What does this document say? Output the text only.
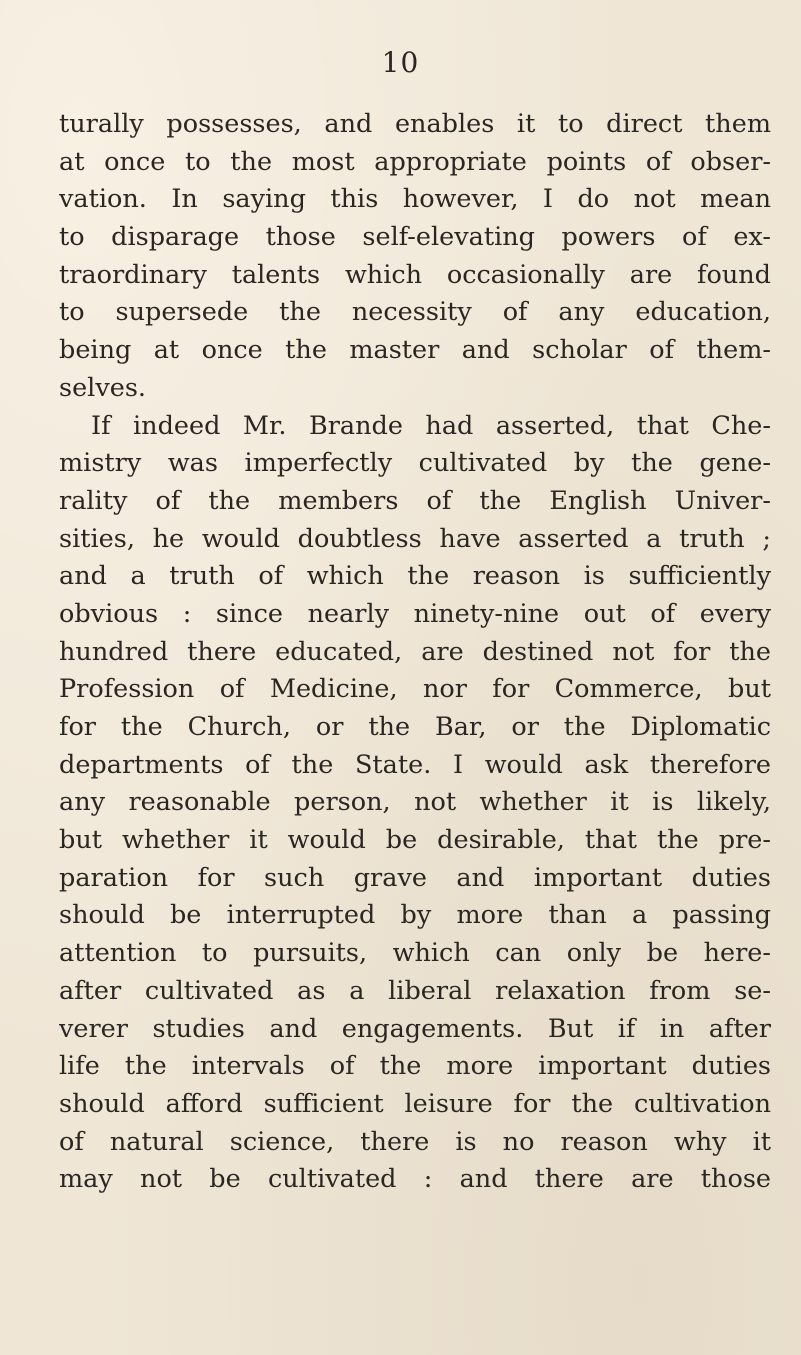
10
turally possesses, and enables it to direct them
at once to the most appropriate points of obser-
vation. In saying this however, I do not mean
to disparage those self-elevating powers of ex-
traordinary talents which occasionally are found
to supersede the necessity of any education,
being at once the master and scholar of them-
selves.
If indeed Mr. Brande had asserted, that Che-
mistry was imperfectly cultivated by the gene-
rality of the members of the English Univer-
sities, he would doubtless have asserted a truth ;
and a truth of which the reason is sufficiently
obvious : since nearly ninety-nine out of every
hundred there educated, are destined not for the
Profession of Medicine, nor for Commerce, but
for the Church, or the Bar, or the Diplomatic
departments of the State. I would ask therefore
any reasonable person, not whether it is likely,
but whether it would be desirable, that the pre-
paration for such grave and important duties
should be interrupted by more than a passing
attention to pursuits, which can only be here-
after cultivated as a liberal relaxation from se-
verer studies and engagements. But if in after
life the intervals of the more important duties
should afford sufficient leisure for the cultivation
of natural science, there is no reason why it
may not be cultivated : and there are those
